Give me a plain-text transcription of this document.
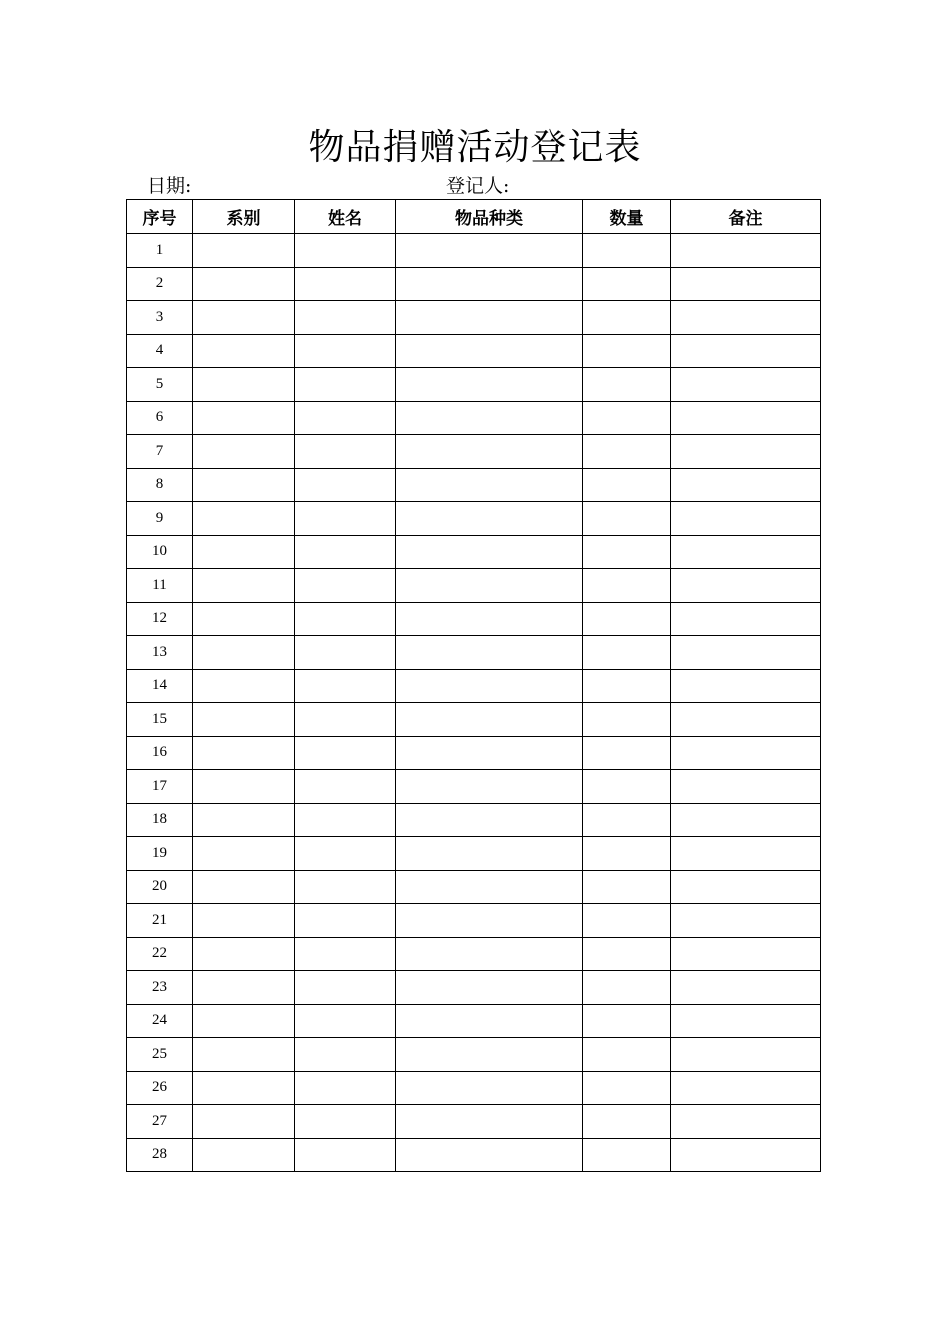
物品捐赠活动登记表
日期:	登记人:
序号	系别	姓名	物品种类	数量	备注
1					
2					
3					
4					
5					
6					
7					
8					
9					
10					
11					
12					
13					
14					
15					
16					
17					
18					
19					
20					
21					
22					
23					
24					
25					
26					
27					
28					
